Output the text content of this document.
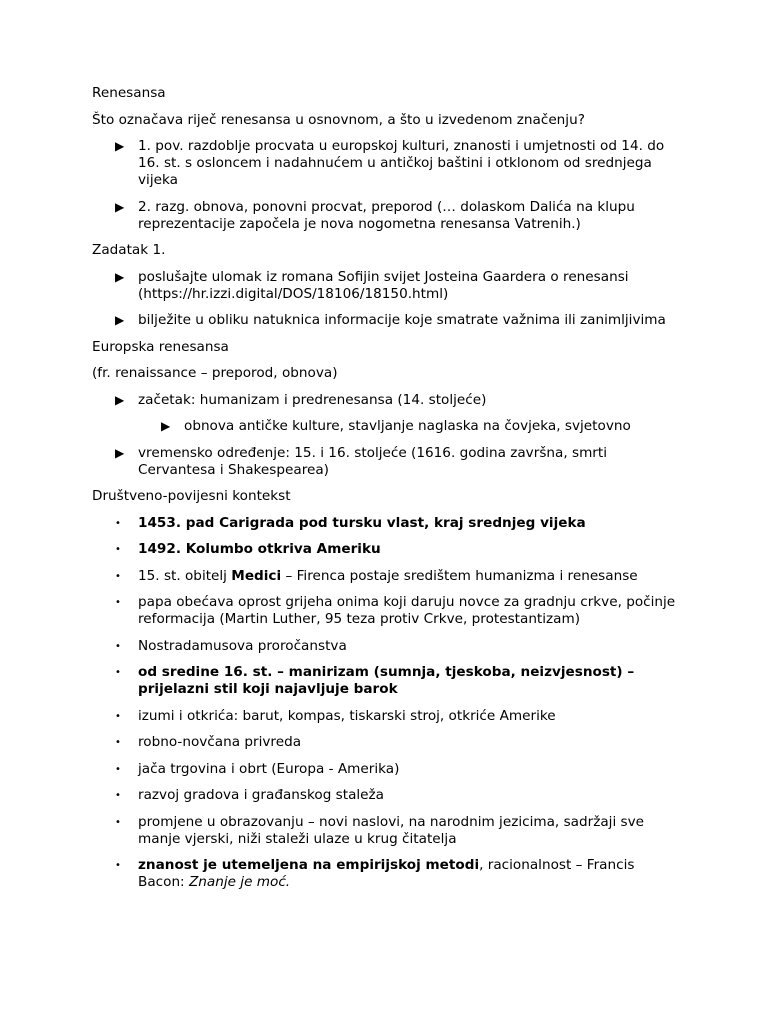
Renesansa

Što označava riječ renesansa u osnovnom, a što u izvedenom značenju?

▶ 1. pov. razdoblje procvata u europskoj kulturi, znanosti i umjetnosti od 14. do 16. st. s osloncem i nadahnućem u antičkoj baštini i otklonom od srednjega vijeka
▶ 2. razg. obnova, ponovni procvat, preporod (… dolaskom Dalića na klupu reprezentacije započela je nova nogometna renesansa Vatrenih.)

Zadatak 1.

▶ poslušajte ulomak iz romana Sofijin svijet Josteina Gaardera o renesansi (https://hr.izzi.digital/DOS/18106/18150.html)
▶ bilježite u obliku natuknica informacije koje smatrate važnima ili zanimljivima

Europska renesansa

(fr. renaissance – preporod, obnova)

▶ začetak: humanizam i predrenesansa (14. stoljeće)
▶ obnova antičke kulture, stavljanje naglaska na čovjeka, svjetovno
▶ vremensko određenje: 15. i 16. stoljeće (1616. godina završna, smrti Cervantesa i Shakespearea)

Društveno-povijesni kontekst

• 1453. pad Carigrada pod tursku vlast, kraj srednjeg vijeka
• 1492. Kolumbo otkriva Ameriku
• 15. st. obitelj Medici – Firenca postaje središtem humanizma i renesanse
• papa obećava oprost grijeha onima koji daruju novce za gradnju crkve, počinje reformacija (Martin Luther, 95 teza protiv Crkve, protestantizam)
• Nostradamusova proročanstva
• od sredine 16. st. – manirizam (sumnja, tjeskoba, neizvjesnost) – prijelazni stil koji najavljuje barok
• izumi i otkrića: barut, kompas, tiskarski stroj, otkriće Amerike
• robno-novčana privreda
• jača trgovina i obrt (Europa - Amerika)
• razvoj gradova i građanskog staleža
• promjene u obrazovanju – novi naslovi, na narodnim jezicima, sadržaji sve manje vjerski, niži staleži ulaze u krug čitatelja
• znanost je utemeljena na empirijskoj metodi, racionalnost – Francis Bacon: Znanje je moć.
